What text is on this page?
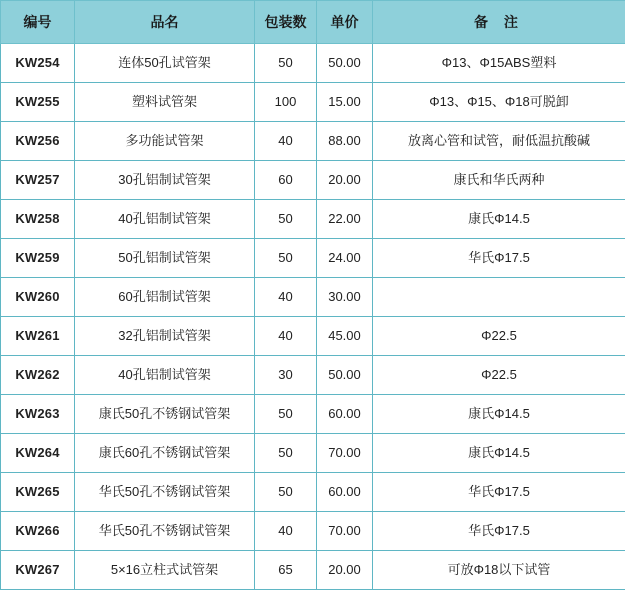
编号	品名	包装数	单价	备 注
KW254	连体50孔试管架	50	50.00	Φ13、Φ15ABS塑料
KW255	塑料试管架	100	15.00	Φ13、Φ15、Φ18可脱卸
KW256	多功能试管架	40	88.00	放离心管和试管，耐低温抗酸碱
KW257	30孔铝制试管架	60	20.00	康氏和华氏两种
KW258	40孔铝制试管架	50	22.00	康氏Φ14.5
KW259	50孔铝制试管架	50	24.00	华氏Φ17.5
KW260	60孔铝制试管架	40	30.00	
KW261	32孔铝制试管架	40	45.00	Φ22.5
KW262	40孔铝制试管架	30	50.00	Φ22.5
KW263	康氏50孔不锈钢试管架	50	60.00	康氏Φ14.5
KW264	康氏60孔不锈钢试管架	50	70.00	康氏Φ14.5
KW265	华氏50孔不锈钢试管架	50	60.00	华氏Φ17.5
KW266	华氏50孔不锈钢试管架	40	70.00	华氏Φ17.5
KW267	5×16立柱式试管架	65	20.00	可放Φ18以下试管
